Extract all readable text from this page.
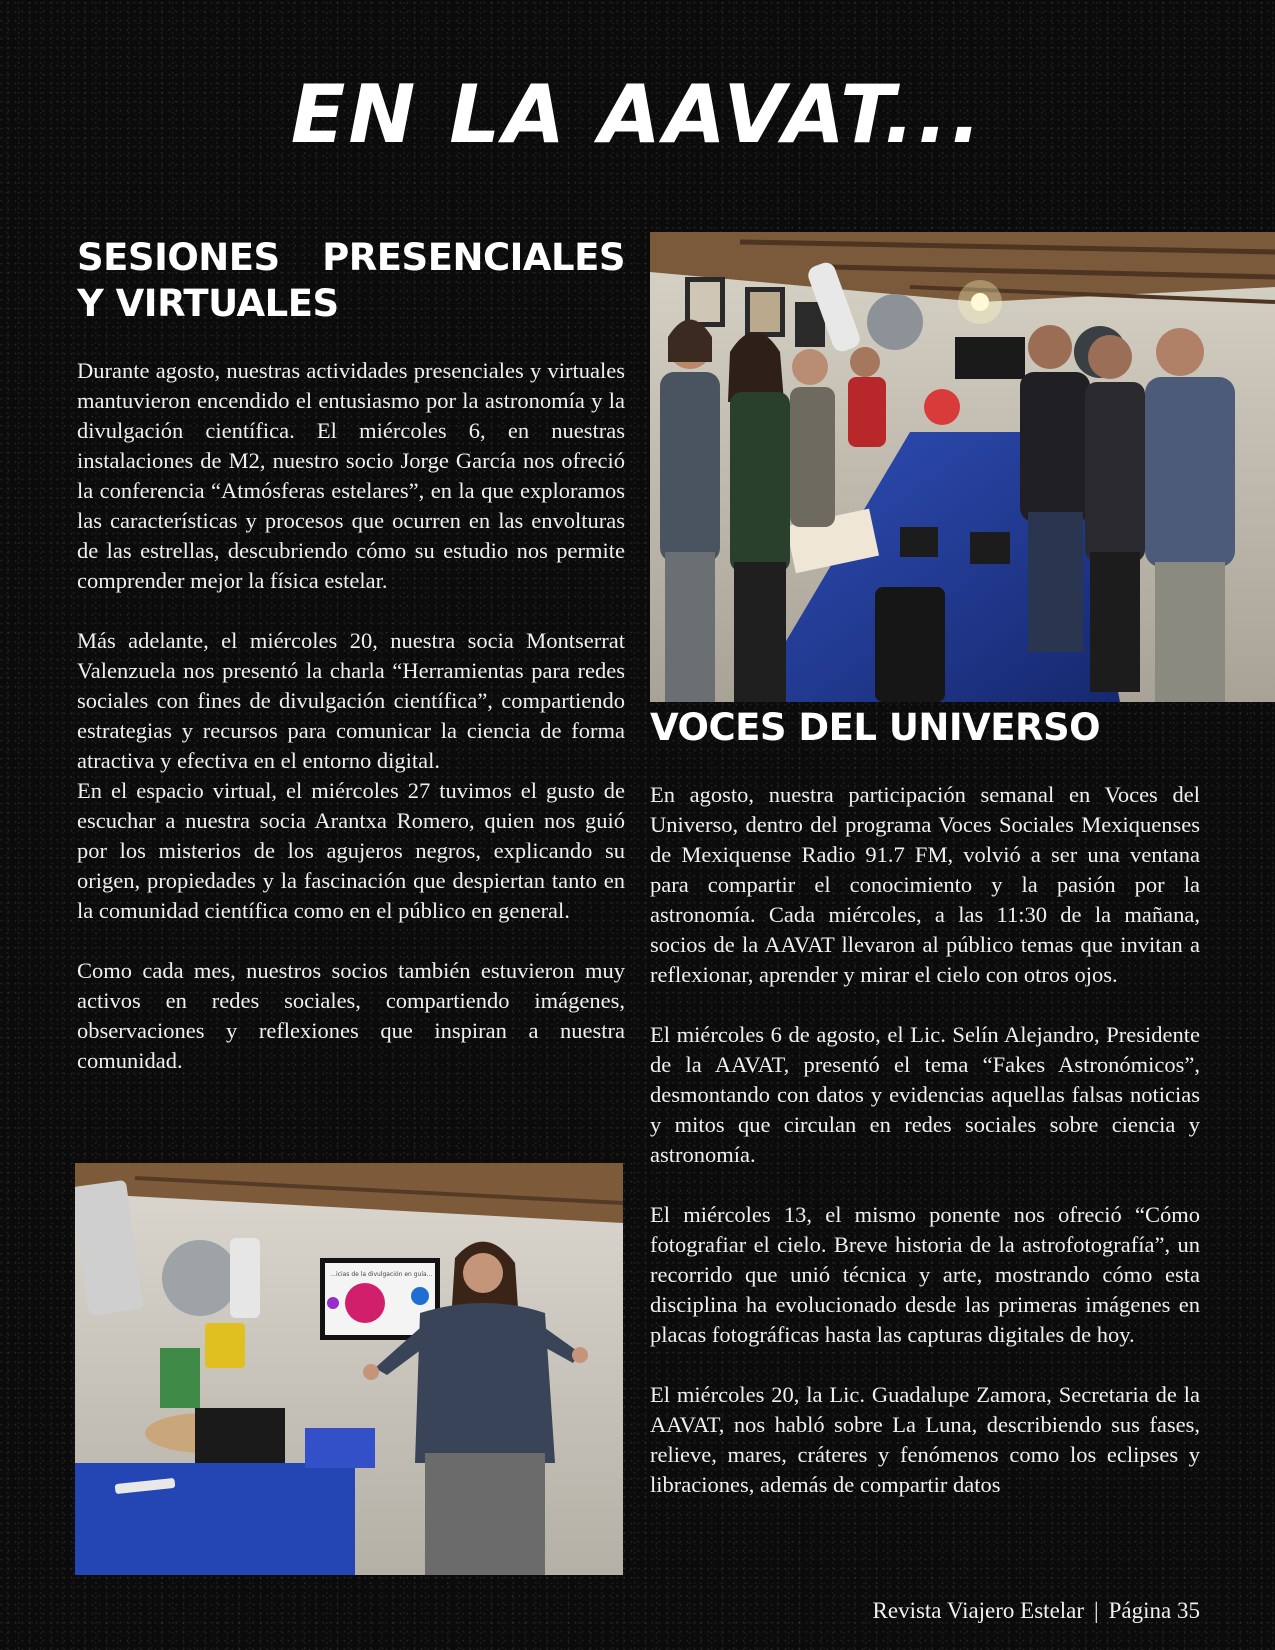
EN LA AAVAT...
SESIONES PRESENCIALES Y VIRTUALES

Durante agosto, nuestras actividades presenciales y virtuales mantuvieron encendido el entusiasmo por la astronomía y la divulgación científica. El miércoles 6, en nuestras instalaciones de M2, nuestro socio Jorge García nos ofreció la conferencia “Atmósferas estelares”, en la que exploramos las características y procesos que ocurren en las envolturas de las estrellas, descubriendo cómo su estudio nos permite comprender mejor la física estelar.

Más adelante, el miércoles 20, nuestra socia Montserrat Valenzuela nos presentó la charla “Herramientas para redes sociales con fines de divulgación científica”, compartiendo estrategias y recursos para comunicar la ciencia de forma atractiva y efectiva en el entorno digital.

En el espacio virtual, el miércoles 27 tuvimos el gusto de escuchar a nuestra socia Arantxa Romero, quien nos guió por los misterios de los agujeros negros, explicando su origen, propiedades y la fascinación que despiertan tanto en la comunidad científica como en el público en general.

Como cada mes, nuestros socios también estuvieron muy activos en redes sociales, compartiendo imágenes, observaciones y reflexiones que inspiran a nuestra comunidad.

VOCES DEL UNIVERSO

En agosto, nuestra participación semanal en Voces del Universo, dentro del programa Voces Sociales Mexiquenses de Mexiquense Radio 91.7 FM, volvió a ser una ventana para compartir el conocimiento y la pasión por la astronomía. Cada miércoles, a las 11:30 de la mañana, socios de la AAVAT llevaron al público temas que invitan a reflexionar, aprender y mirar el cielo con otros ojos.

El miércoles 6 de agosto, el Lic. Selín Alejandro, Presidente de la AAVAT, presentó el tema “Fakes Astronómicos”, desmontando con datos y evidencias aquellas falsas noticias y mitos que circulan en redes sociales sobre ciencia y astronomía.

El miércoles 13, el mismo ponente nos ofreció “Cómo fotografiar el cielo. Breve historia de la astrofotografía”, un recorrido que unió técnica y arte, mostrando cómo esta disciplina ha evolucionado desde las primeras imágenes en placas fotográficas hasta las capturas digitales de hoy.

El miércoles 20, la Lic. Guadalupe Zamora, Secretaria de la AAVAT, nos habló sobre La Luna, describiendo sus fases, relieve, mares, cráteres y fenómenos como los eclipses y libraciones, además de compartir datos

…icias de la divulgación en guía…
Revista Viajero Estelar | Página 35
